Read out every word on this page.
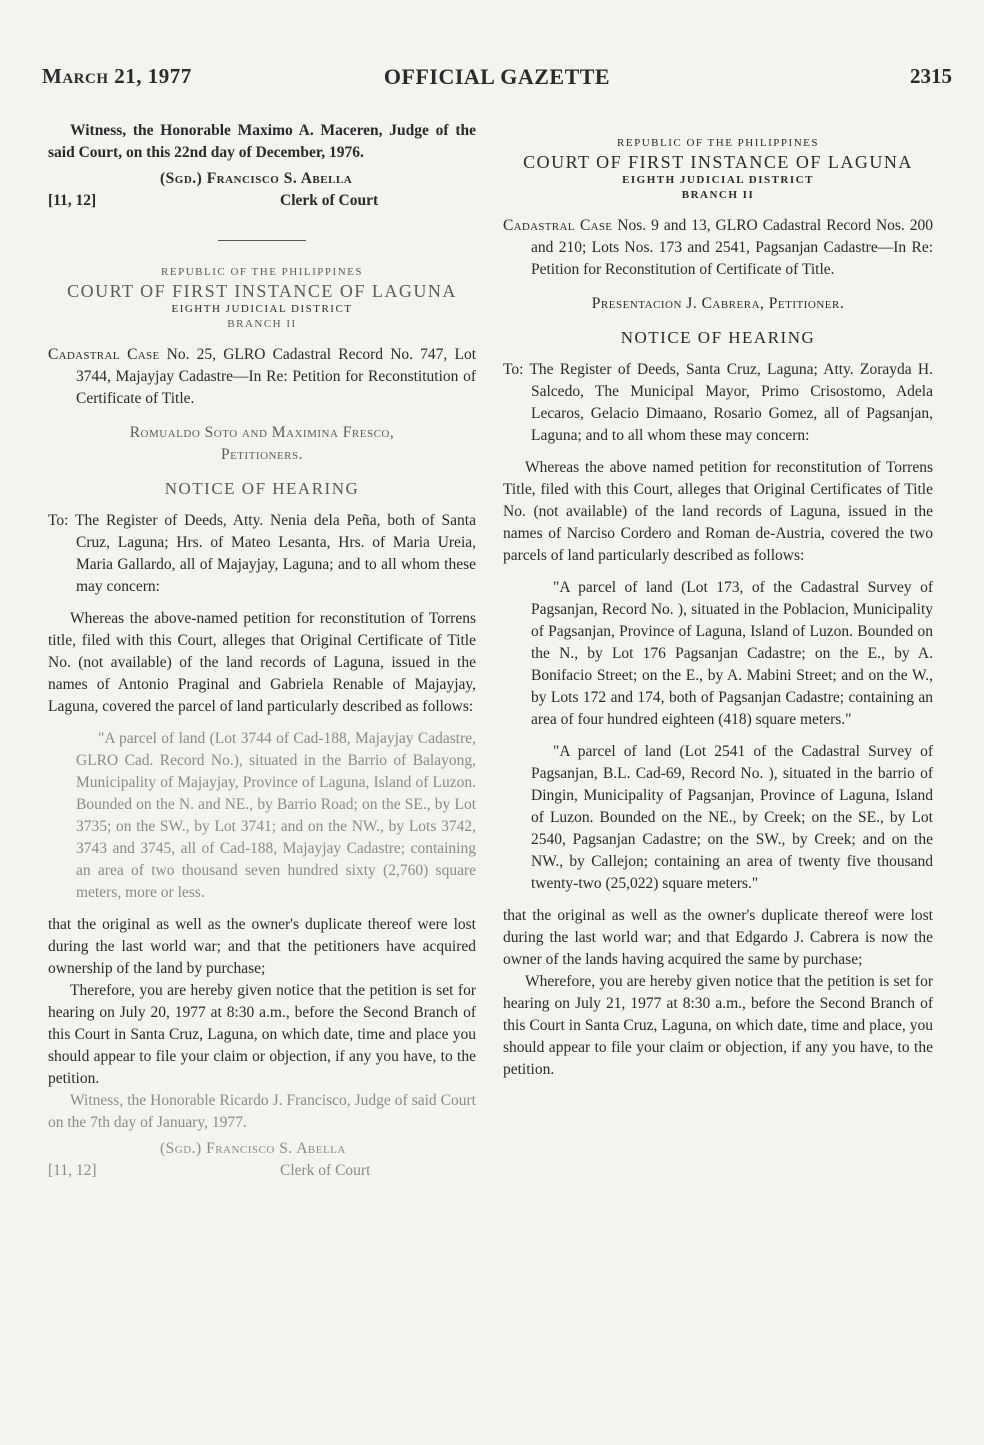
March 21, 1977	OFFICIAL GAZETTE	2315

Witness, the Honorable Maximo A. Maceren, Judge of the said Court, on this 22nd day of December, 1976.

(Sgd.) Francisco S. Abella
Clerk of Court
[11, 12]
REPUBLIC OF THE PHILIPPINES
COURT OF FIRST INSTANCE OF LAGUNA
EIGHTH JUDICIAL DISTRICT
BRANCH II

Cadastral Case No. 25, GLRO Cadastral Record No. 747, Lot 3744, Majayjay Cadastre—In Re: Petition for Reconstitution of Certificate of Title.

Romualdo Soto and Maximina Fresco,
Petitioners.
NOTICE OF HEARING

To: The Register of Deeds, Atty. Nenia dela Peña, both of Santa Cruz, Laguna; Hrs. of Mateo Lesanta, Hrs. of Maria Ureia, Maria Gallardo, all of Majayjay, Laguna; and to all whom these may concern:

Whereas the above-named petition for reconstitution of Torrens title, filed with this Court, alleges that Original Certificate of Title No. (not available) of the land records of Laguna, issued in the names of Antonio Praginal and Gabriela Renable of Majayjay, Laguna, covered the parcel of land particularly described as follows:

"A parcel of land (Lot 3744 of Cad-188, Majayjay Cadastre, GLRO Cad. Record No.), situated in the Barrio of Balayong, Municipality of Majayjay, Province of Laguna, Island of Luzon. Bounded on the N. and NE., by Barrio Road; on the SE., by Lot 3735; on the SW., by Lot 3741; and on the NW., by Lots 3742, 3743 and 3745, all of Cad-188, Majayjay Cadastre; containing an area of two thousand seven hundred sixty (2,760) square meters, more or less.

that the original as well as the owner's duplicate thereof were lost during the last world war; and that the petitioners have acquired ownership of the land by purchase;

Therefore, you are hereby given notice that the petition is set for hearing on July 20, 1977 at 8:30 a.m., before the Second Branch of this Court in Santa Cruz, Laguna, on which date, time and place you should appear to file your claim or objection, if any you have, to the petition.

Witness, the Honorable Ricardo J. Francisco, Judge of said Court on the 7th day of January, 1977.

(Sgd.) Francisco S. Abella
Clerk of Court
[11, 12]
REPUBLIC OF THE PHILIPPINES
COURT OF FIRST INSTANCE OF LAGUNA
EIGHTH JUDICIAL DISTRICT
BRANCH II

Cadastral Case Nos. 9 and 13, GLRO Cadastral Record Nos. 200 and 210; Lots Nos. 173 and 2541, Pagsanjan Cadastre—In Re: Petition for Reconstitution of Certificate of Title.

Presentacion J. Cabrera, Petitioner.
NOTICE OF HEARING

To: The Register of Deeds, Santa Cruz, Laguna; Atty. Zorayda H. Salcedo, The Municipal Mayor, Primo Crisostomo, Adela Lecaros, Gelacio Dimaano, Rosario Gomez, all of Pagsanjan, Laguna; and to all whom these may concern:

Whereas the above named petition for reconstitution of Torrens Title, filed with this Court, alleges that Original Certificates of Title No. (not available) of the land records of Laguna, issued in the names of Narciso Cordero and Roman de-Austria, covered the two parcels of land particularly described as follows:

"A parcel of land (Lot 173, of the Cadastral Survey of Pagsanjan, Record No. ), situated in the Poblacion, Municipality of Pagsanjan, Province of Laguna, Island of Luzon. Bounded on the N., by Lot 176 Pagsanjan Cadastre; on the E., by A. Bonifacio Street; on the E., by A. Mabini Street; and on the W., by Lots 172 and 174, both of Pagsanjan Cadastre; containing an area of four hundred eighteen (418) square meters."

"A parcel of land (Lot 2541 of the Cadastral Survey of Pagsanjan, B.L. Cad-69, Record No. ), situated in the barrio of Dingin, Municipality of Pagsanjan, Province of Laguna, Island of Luzon. Bounded on the NE., by Creek; on the SE., by Lot 2540, Pagsanjan Cadastre; on the SW., by Creek; and on the NW., by Callejon; containing an area of twenty five thousand twenty-two (25,022) square meters."

that the original as well as the owner's duplicate thereof were lost during the last world war; and that Edgardo J. Cabrera is now the owner of the lands having acquired the same by purchase;

Wherefore, you are hereby given notice that the petition is set for hearing on July 21, 1977 at 8:30 a.m., before the Second Branch of this Court in Santa Cruz, Laguna, on which date, time and place, you should appear to file your claim or objection, if any you have, to the petition.
